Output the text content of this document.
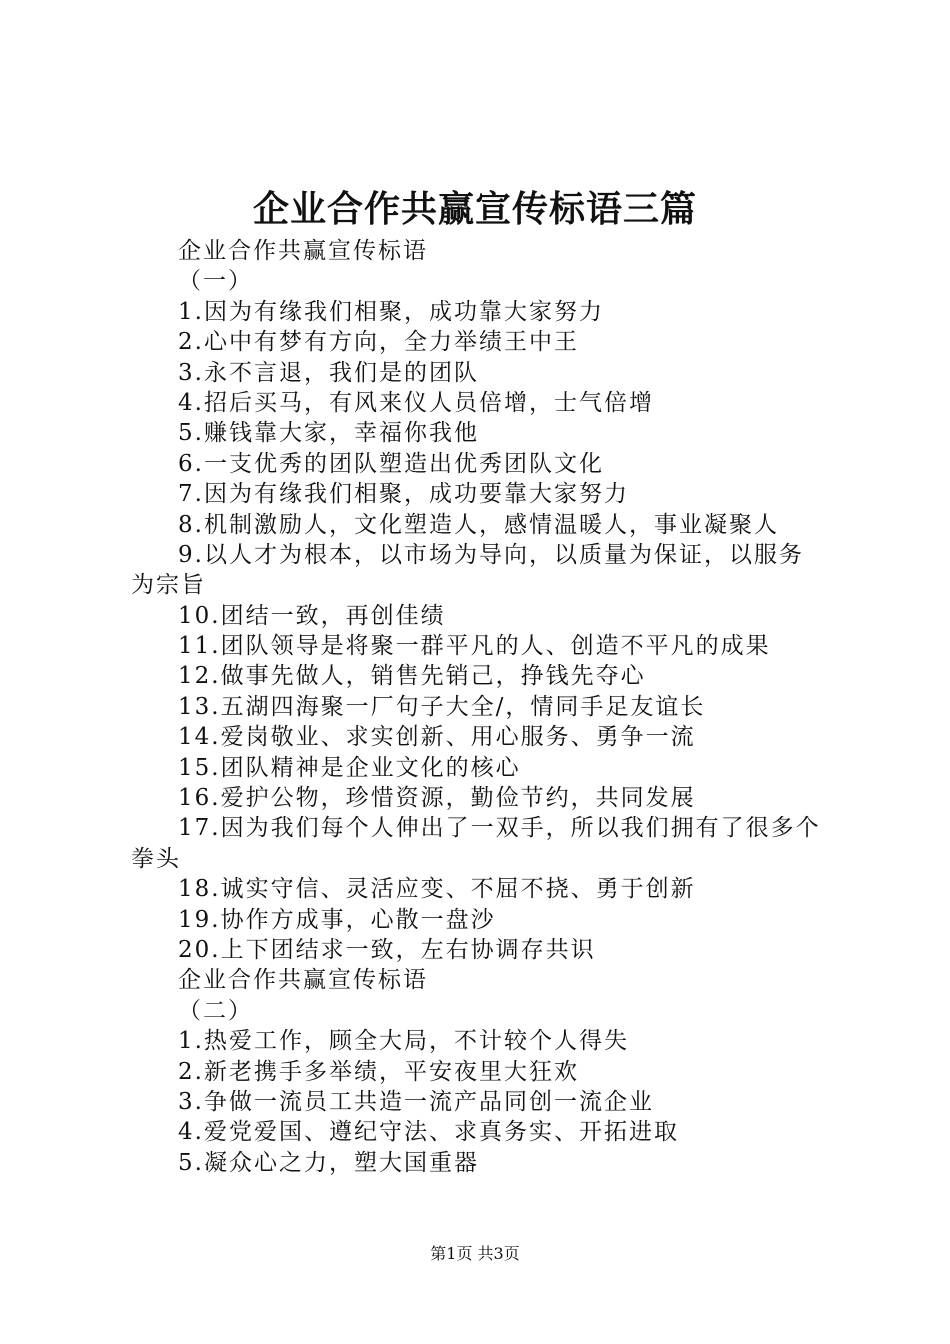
企业合作共赢宣传标语三篇
企业合作共赢宣传标语
（一）
1.因为有缘我们相聚，成功靠大家努力
2.心中有梦有方向，全力举绩王中王
3.永不言退，我们是的团队
4.招后买马，有风来仪人员倍增，士气倍增
5.赚钱靠大家，幸福你我他
6.一支优秀的团队塑造出优秀团队文化
7.因为有缘我们相聚，成功要靠大家努力
8.机制激励人，文化塑造人，感情温暖人，事业凝聚人
9.以人才为根本，以市场为导向，以质量为保证，以服务
为宗旨
10.团结一致，再创佳绩
11.团队领导是将聚一群平凡的人、创造不平凡的成果
12.做事先做人，销售先销己，挣钱先夺心
13.五湖四海聚一厂句子大全/，情同手足友谊长
14.爱岗敬业、求实创新、用心服务、勇争一流
15.团队精神是企业文化的核心
16.爱护公物，珍惜资源，勤俭节约，共同发展
17.因为我们每个人伸出了一双手，所以我们拥有了很多个
拳头
18.诚实守信、灵活应变、不屈不挠、勇于创新
19.协作方成事，心散一盘沙
20.上下团结求一致，左右协调存共识
企业合作共赢宣传标语
（二）
1.热爱工作，顾全大局，不计较个人得失
2.新老携手多举绩，平安夜里大狂欢
3.争做一流员工共造一流产品同创一流企业
4.爱党爱国、遵纪守法、求真务实、开拓进取
5.凝众心之力，塑大国重器
第1页 共3页
